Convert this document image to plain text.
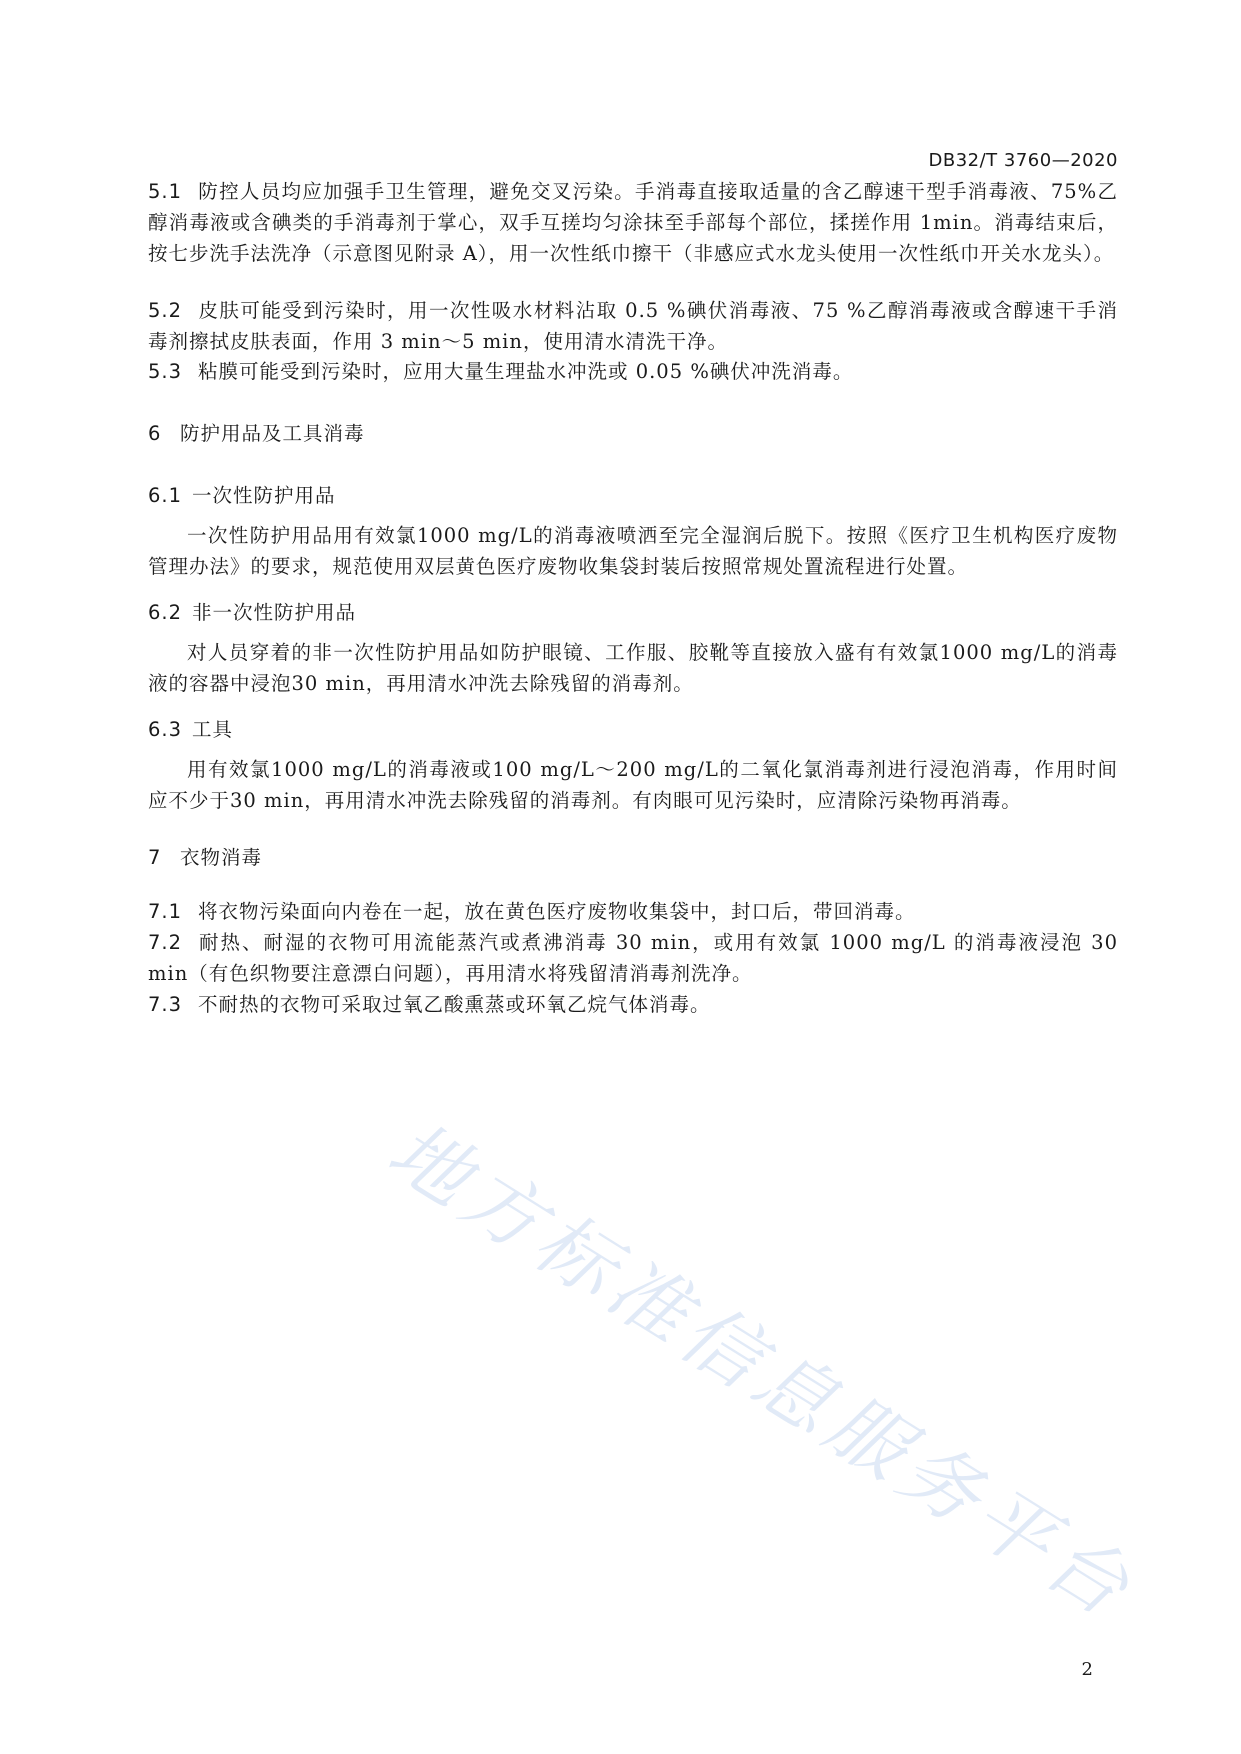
DB32/T 3760—2020
5.1 防控人员均应加强手卫生管理，避免交叉污染。手消毒直接取适量的含乙醇速干型手消毒液、75%乙醇消毒液或含碘类的手消毒剂于掌心，双手互搓均匀涂抹至手部每个部位，揉搓作用 1min。消毒结束后，按七步洗手法洗净（示意图见附录 A），用一次性纸巾擦干（非感应式水龙头使用一次性纸巾开关水龙头）。
5.2 皮肤可能受到污染时，用一次性吸水材料沾取 0.5 %碘伏消毒液、75 %乙醇消毒液或含醇速干手消毒剂擦拭皮肤表面，作用 3 min～5 min，使用清水清洗干净。
5.3 粘膜可能受到污染时，应用大量生理盐水冲洗或 0.05 %碘伏冲洗消毒。
6 防护用品及工具消毒
6.1 一次性防护用品
一次性防护用品用有效氯1000 mg/L的消毒液喷洒至完全湿润后脱下。按照《医疗卫生机构医疗废物管理办法》的要求，规范使用双层黄色医疗废物收集袋封装后按照常规处置流程进行处置。
6.2 非一次性防护用品
对人员穿着的非一次性防护用品如防护眼镜、工作服、胶靴等直接放入盛有有效氯1000 mg/L的消毒液的容器中浸泡30 min，再用清水冲洗去除残留的消毒剂。
6.3 工具
用有效氯1000 mg/L的消毒液或100 mg/L～200 mg/L的二氧化氯消毒剂进行浸泡消毒，作用时间应不少于30 min，再用清水冲洗去除残留的消毒剂。有肉眼可见污染时，应清除污染物再消毒。
7 衣物消毒
7.1 将衣物污染面向内卷在一起，放在黄色医疗废物收集袋中，封口后，带回消毒。
7.2 耐热、耐湿的衣物可用流能蒸汽或煮沸消毒 30 min，或用有效氯 1000 mg/L 的消毒液浸泡 30 min（有色织物要注意漂白问题），再用清水将残留清消毒剂洗净。
7.3 不耐热的衣物可采取过氧乙酸熏蒸或环氧乙烷气体消毒。
地方标准信息服务平台
2
